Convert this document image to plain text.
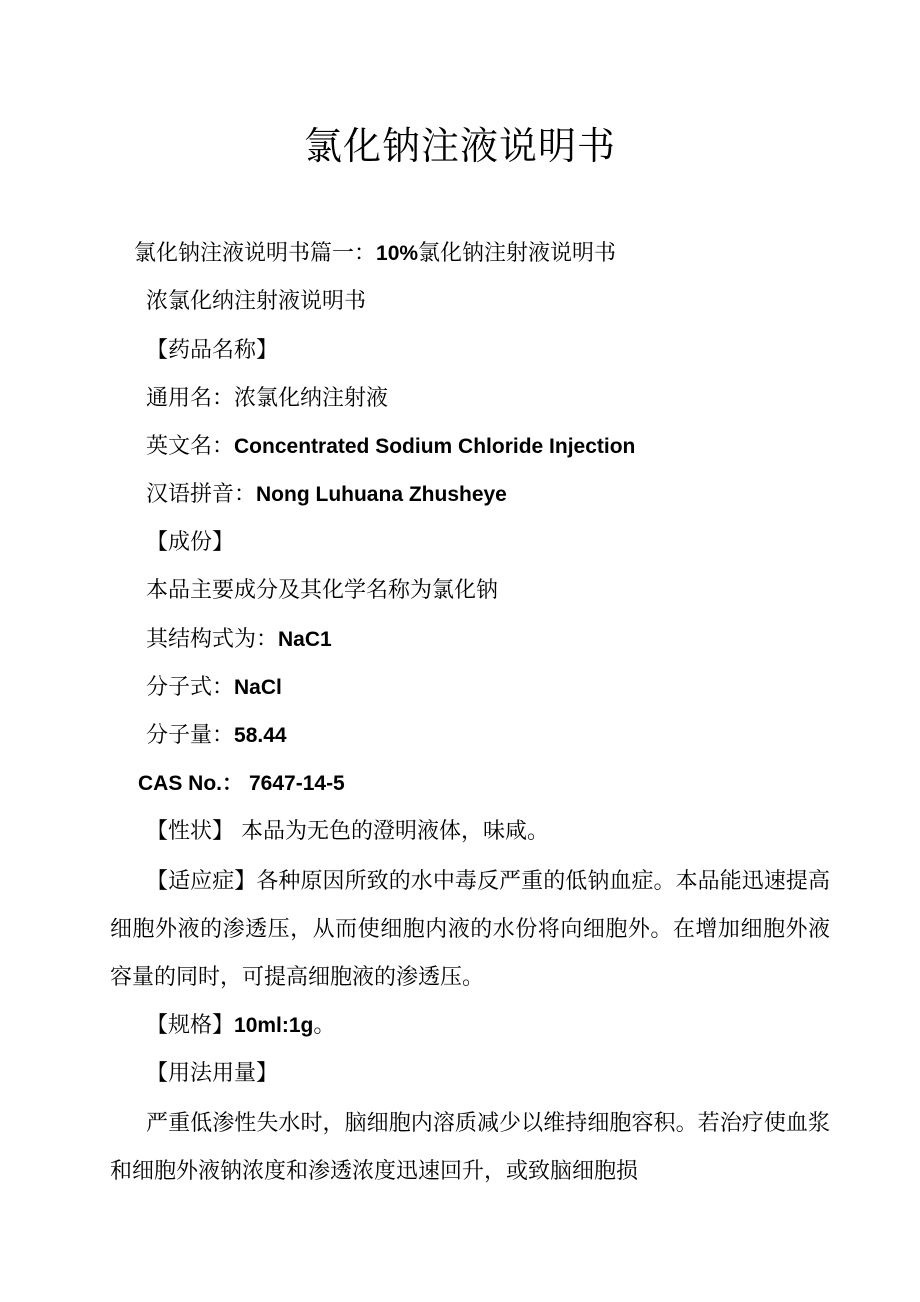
氯化钠注液说明书
氯化钠注液说明书篇一：10%氯化钠注射液说明书
浓氯化纳注射液说明书
【药品名称】
通用名：浓氯化纳注射液
英文名：Concentrated Sodium Chloride Injection
汉语拼音：Nong Luhuana Zhusheye
【成份】
本品主要成分及其化学名称为氯化钠
其结构式为：NaC1
分子式：NaCl
分子量：58.44
CAS No.： 7647-14-5
【性状】 本品为无色的澄明液体，味咸。
【适应症】各种原因所致的水中毒反严重的低钠血症。本品能迅速提高细胞外液的渗透压，从而使细胞内液的水份将向细胞外。在增加细胞外液容量的同时，可提高细胞液的渗透压。
【规格】10ml:1g。
【用法用量】
严重低渗性失水时，脑细胞内溶质减少以维持细胞容积。若治疗使血浆和细胞外液钠浓度和渗透浓度迅速回升，或致脑细胞损
